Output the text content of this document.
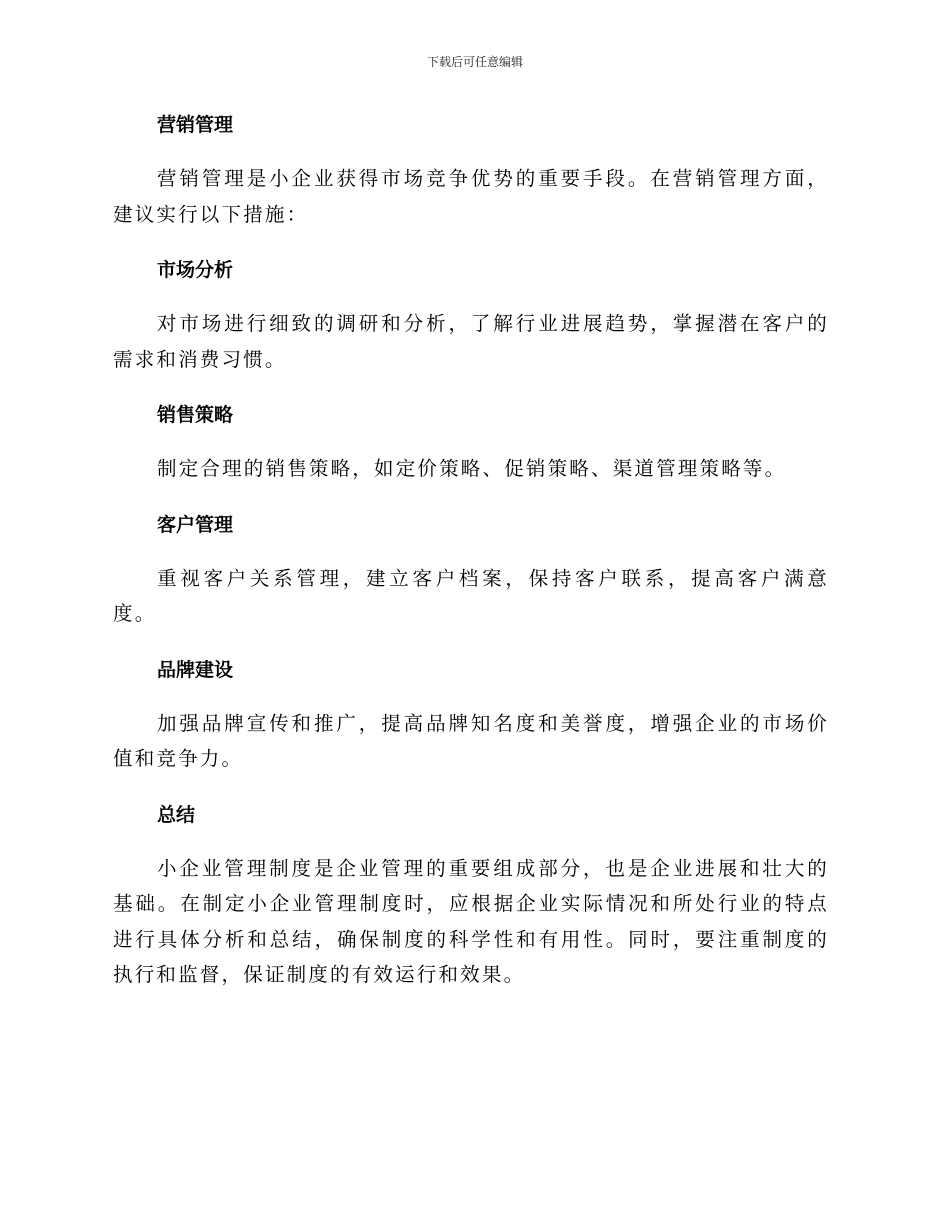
下载后可任意编辑
营销管理

营销管理是小企业获得市场竞争优势的重要手段。在营销管理方面，建议实行以下措施：

市场分析

对市场进行细致的调研和分析，了解行业进展趋势，掌握潜在客户的需求和消费习惯。

销售策略

制定合理的销售策略，如定价策略、促销策略、渠道管理策略等。

客户管理

重视客户关系管理，建立客户档案，保持客户联系，提高客户满意度。

品牌建设

加强品牌宣传和推广，提高品牌知名度和美誉度，增强企业的市场价值和竞争力。

总结

小企业管理制度是企业管理的重要组成部分，也是企业进展和壮大的基础。在制定小企业管理制度时，应根据企业实际情况和所处行业的特点进行具体分析和总结，确保制度的科学性和有用性。同时，要注重制度的执行和监督，保证制度的有效运行和效果。
